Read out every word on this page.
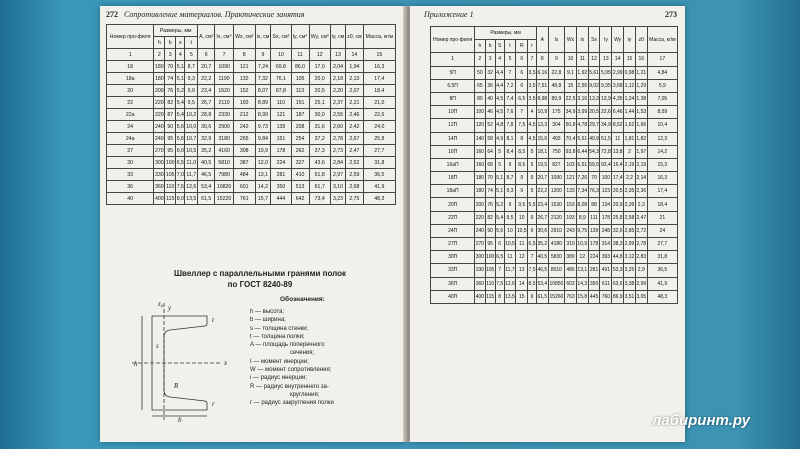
272 Сопротивление материалов. Практические занятия
Номер про-филя	Размеры, мм				A, см²	Ix, см⁴	Wx, см³	ix, см	Sx, см³	Iy, см⁴	Wy, см³	iy, см	z0, см	Масса, кг/м
	h	b	s	t										
1	2	3	4	5	6	7	8	9	10	11	12	13	14	15
18	180	70	5,1	8,7	20,7	1090	121	7,24	69,8	86,0	17,0	2,04	1,94	16,3
18а	180	74	5,1	9,3	22,2	1190	132	7,32	76,1	105	20,0	2,18	2,13	17,4
20	200	76	5,2	9,0	23,4	1520	152	8,07	87,8	113	20,5	2,20	2,07	18,4
22	220	82	5,4	9,5	26,7	2110	192	8,89	110	151	25,1	2,37	2,21	21,0
22а	220	87	5,4	10,2	28,8	2330	212	8,99	121	187	30,0	2,55	2,46	22,6
24	240	90	5,6	10,0	30,6	2900	242	9,73	139	208	31,6	2,60	2,42	24,0
24а	240	95	5,6	10,7	32,9	3180	265	9,84	151	254	37,2	2,78	2,67	25,8
27	270	95	6,0	10,5	35,2	4160	308	10,9	178	262	37,3	2,73	2,47	27,7
30	300	100	6,5	11,0	40,5	5810	387	12,0	224	327	43,6	2,84	2,52	31,8
33	330	105	7,0	11,7	46,5	7980	484	13,1	281	410	51,8	2,97	2,59	36,5
36	360	110	7,5	12,6	53,4	10820	601	14,2	350	513	61,7	3,10	2,68	41,9
40	400	115	8,0	13,5	61,5	15220	761	15,7	444	642	73,4	3,23	2,75	48,3
Швеллер с параллельными гранями полок
по ГОСТ 8240-89
Обозначения:
h — высота;
b — ширина;
s — толщина стенки;
t — толщина полки;
A — площадь поперечного
сечения;
I — момент инерции;
W — момент сопротивления;
i — радиус инерции;
R — радиус внутреннего за-
кругления;
r — радиус закругления полки
z₀ y
t
s
x
h
R
r
b
Приложение 1	273
Номер про-филя	Размеры, мм						A	Ix	Wx	ix	Sx	Iy	Wy	iy	z0	Масса, кг/м
	h	b	S	t	R	r										
1	2	3	4	5	6	7	8	9	10	11	12	13	14	15	16	17
5П	50	32	4,4	7	6	3,5	6,16	22,8	9,1	1,92	5,61	5,95	2,99	0,98	1,21	4,84
6,5П	65	36	4,4	7,2	6	3,5	7,51	48,8	15	2,55	9,02	9,35	3,68	1,12	1,29	5,9
8П	80	40	4,5	7,4	6,5	3,5	8,98	89,9	22,5	3,16	13,3	13,9	4,35	1,24	1,38	7,05
10П	100	46	4,5	7,6	7	4	10,9	175	34,9	3,99	20,5	22,6	6,46	1,44	1,53	8,59
12П	120	52	4,8	7,8	7,5	4,5	13,3	304	50,8	4,78	29,7	34,9	8,52	1,62	1,66	10,4
14П	140	58	4,9	8,1	8	4,5	15,6	493	70,4	5,61	40,9	51,5	11	1,81	1,82	12,3
16П	160	64	5	8,4	8,5	5	18,1	750	93,8	6,44	54,3	72,8	13,8	2	1,97	14,2
16аП	160	68	5	9	8,5	5	19,5	827	103	6,51	59,5	93,4	16,4	2,19	2,19	15,3
18П	180	70	5,1	8,7	9	5	20,7	1090	121	7,26	70	100	17,4	2,2	2,14	16,3
18аП	180	74	5,1	9,3	9	5	22,2	1200	133	7,34	76,3	123	20,5	2,35	2,36	17,4
20П	200	76	5,2	9	9,5	5,5	23,4	1530	153	8,08	88	134	20,9	2,39	2,3	18,4
22П	220	82	5,4	9,5	10	6	26,7	2120	193	8,9	111	178	25,8	2,58	2,47	21
24П	240	90	5,6	10	10,5	6	30,6	2910	243	9,75	139	248	32,6	2,85	2,72	24
27П	270	95	6	10,5	11	6,5	35,2	4180	310	10,9	178	314	38,3	2,99	2,78	27,7
30П	300	100	6,5	11	12	7	40,5	5830	389	12	224	393	44,8	3,12	2,83	31,8
33П	330	105	7	11,7	13	7,5	46,5	8010	486	13,1	281	491	53,3	3,25	2,9	36,5
36П	360	110	7,5	12,6	14	8,5	53,4	10850	603	14,3	350	611	63,6	3,38	2,99	41,9
40П	400	115	8	13,5	15	9	61,5	15260	763	15,8	445	760	86,9	3,51	3,05	48,3
лабиринт.ру
